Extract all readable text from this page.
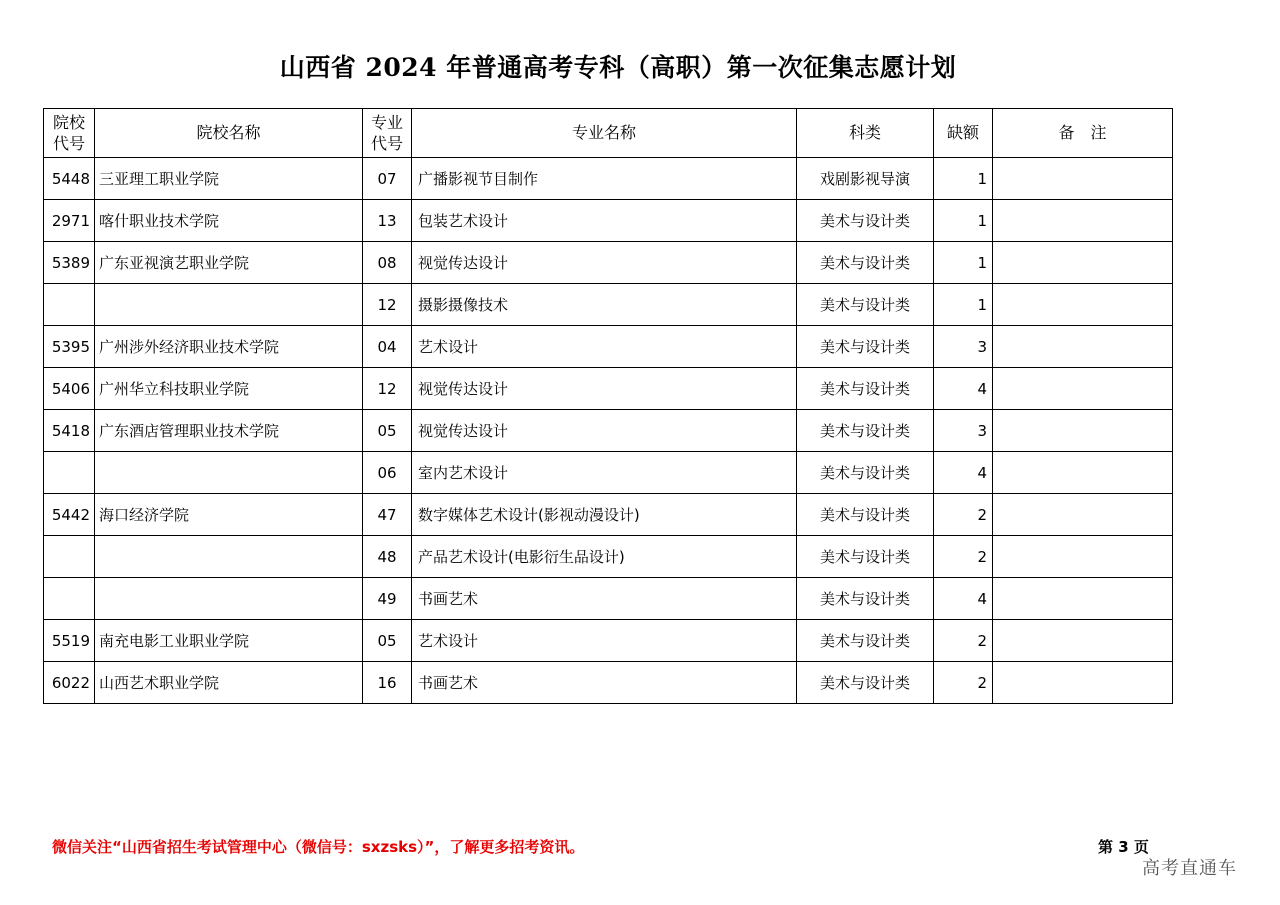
山西省 2024 年普通高考专科（高职）第一次征集志愿计划
院校代号	院校名称	专业代号	专业名称	科类	缺额	备　注
5448	三亚理工职业学院	07	广播影视节目制作	戏剧影视导演	1	
2971	喀什职业技术学院	13	包装艺术设计	美术与设计类	1	
5389	广东亚视演艺职业学院	08	视觉传达设计	美术与设计类	1	
		12	摄影摄像技术	美术与设计类	1	
5395	广州涉外经济职业技术学院	04	艺术设计	美术与设计类	3	
5406	广州华立科技职业学院	12	视觉传达设计	美术与设计类	4	
5418	广东酒店管理职业技术学院	05	视觉传达设计	美术与设计类	3	
		06	室内艺术设计	美术与设计类	4	
5442	海口经济学院	47	数字媒体艺术设计(影视动漫设计)	美术与设计类	2	
		48	产品艺术设计(电影衍生品设计)	美术与设计类	2	
		49	书画艺术	美术与设计类	4	
5519	南充电影工业职业学院	05	艺术设计	美术与设计类	2	
6022	山西艺术职业学院	16	书画艺术	美术与设计类	2	
微信关注“山西省招生考试管理中心（微信号：sxzsks）”，了解更多招考资讯。	第 3 页
高考直通车
